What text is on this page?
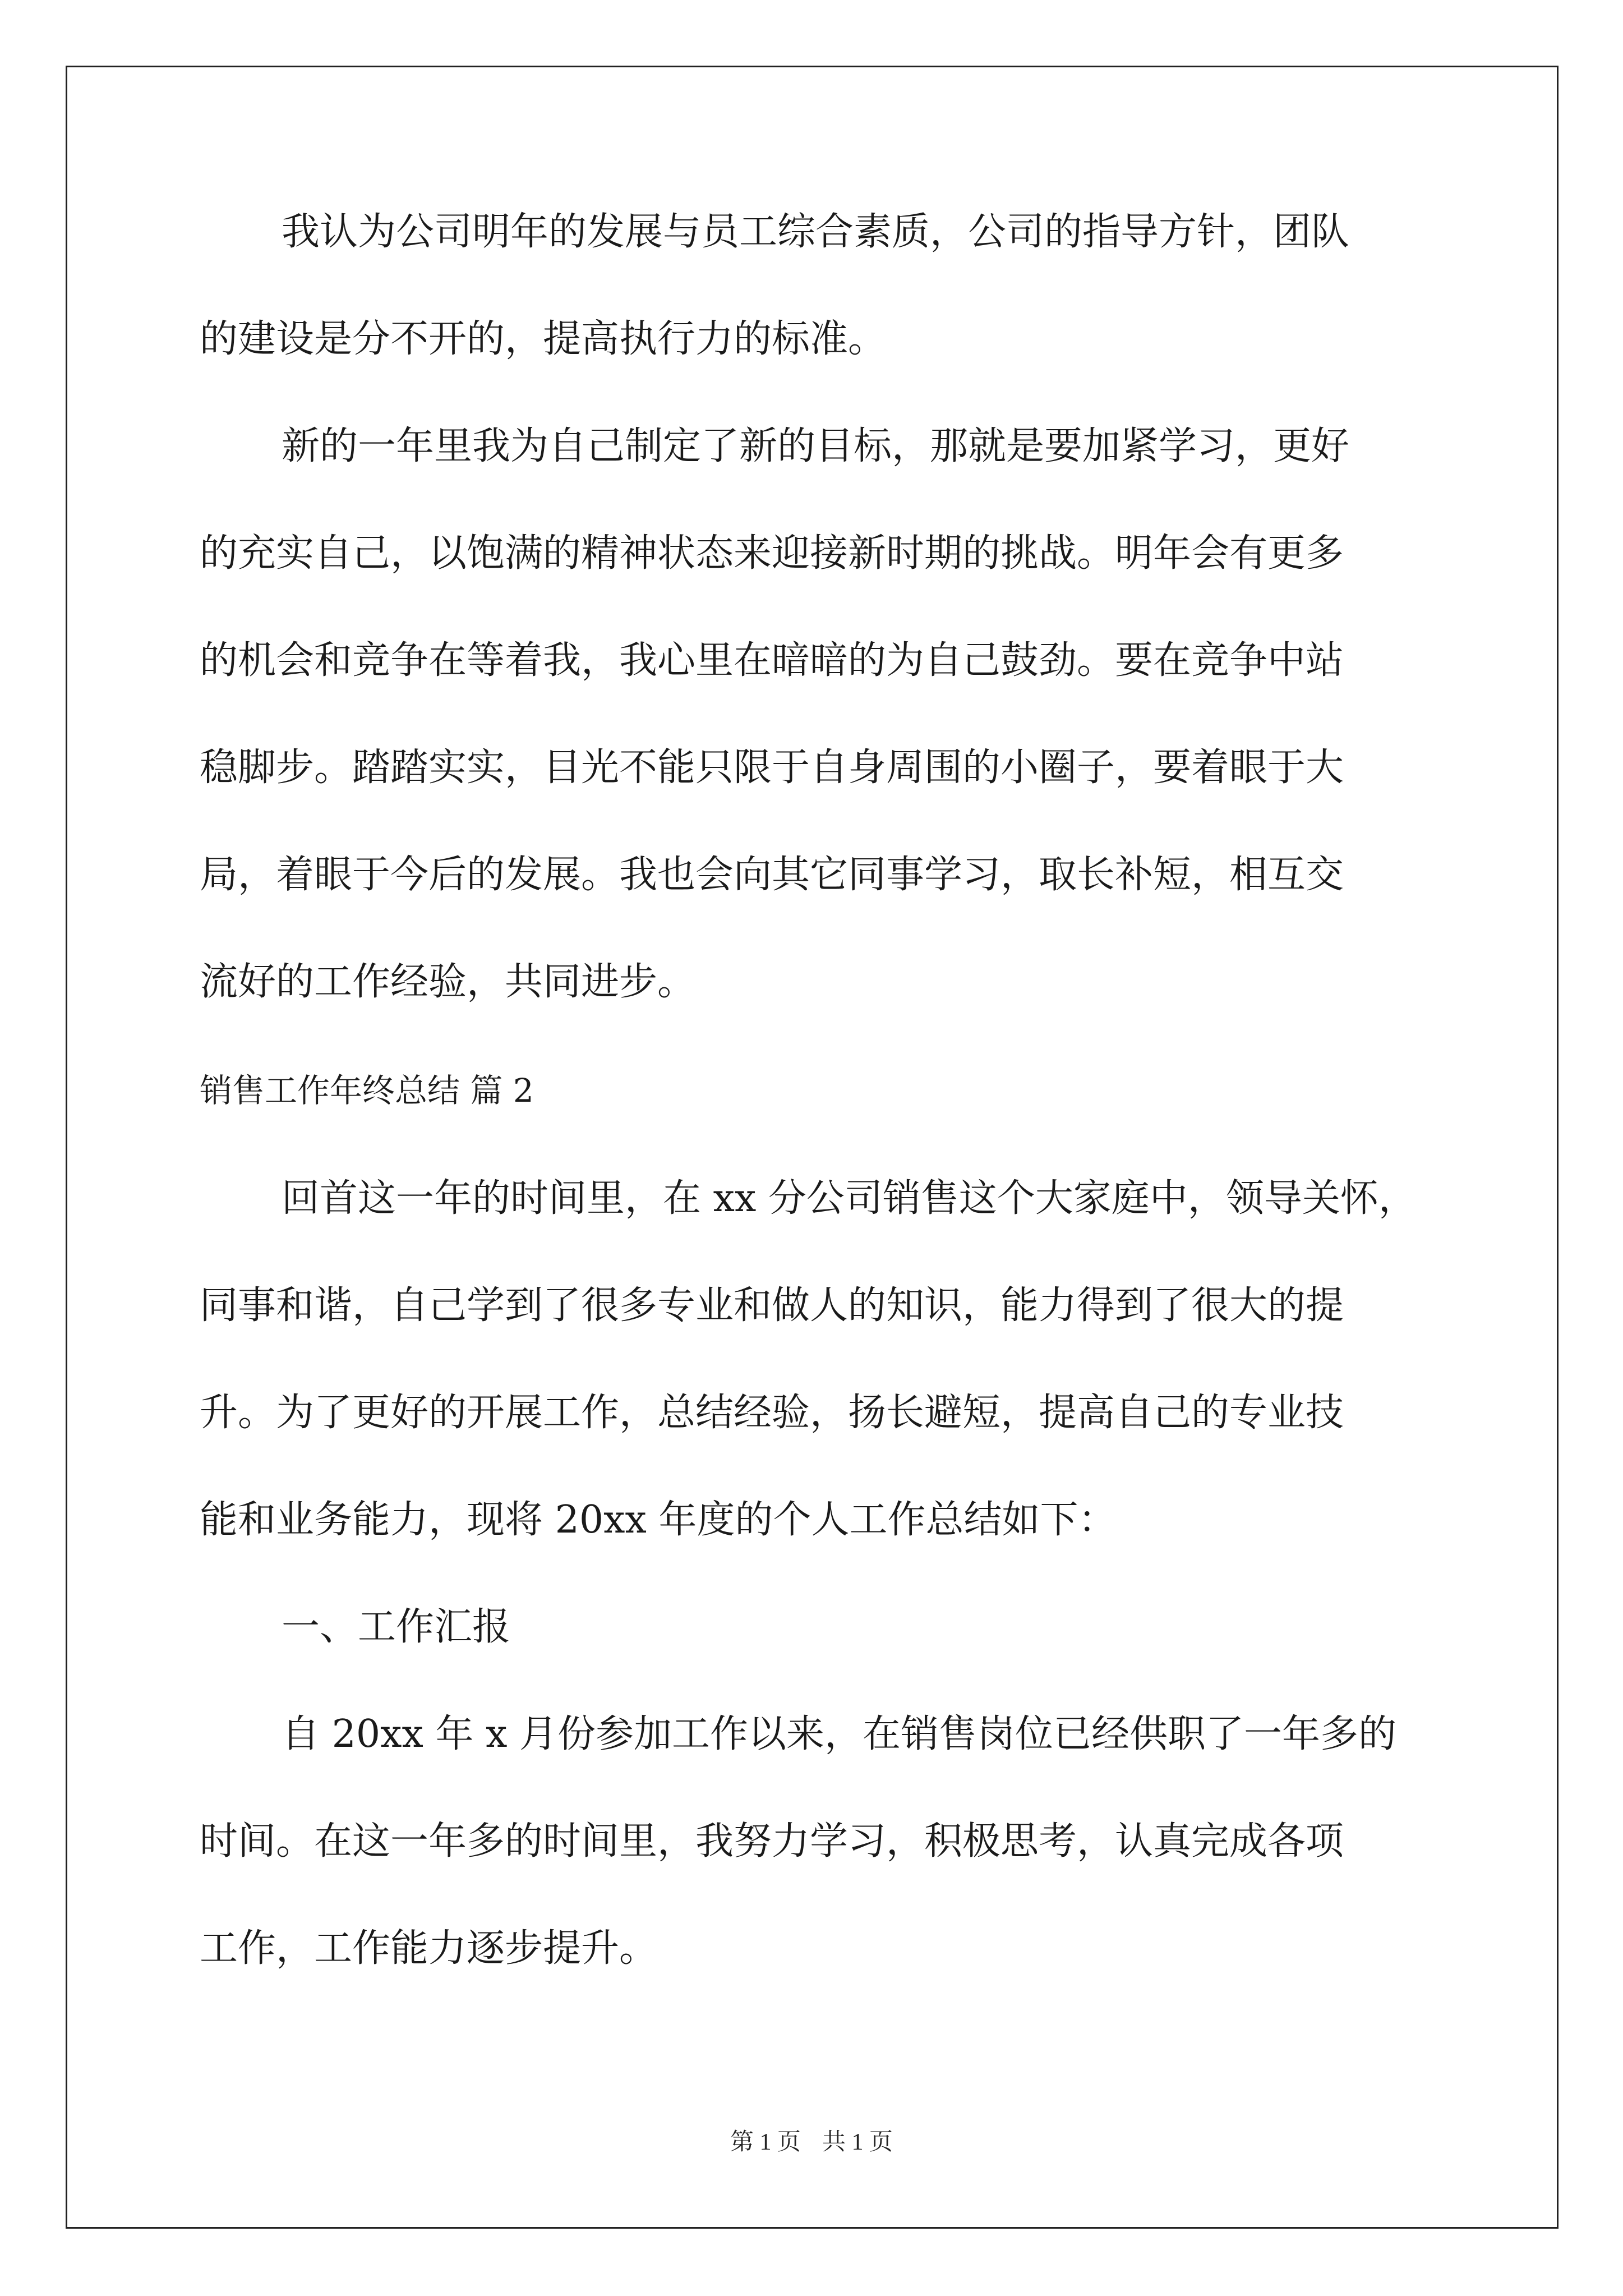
我认为公司明年的发展与员工综合素质，公司的指导方针，团队
的建设是分不开的，提高执行力的标准。
新的一年里我为自己制定了新的目标，那就是要加紧学习，更好
的充实自己，以饱满的精神状态来迎接新时期的挑战。明年会有更多
的机会和竞争在等着我，我心里在暗暗的为自己鼓劲。要在竞争中站
稳脚步。踏踏实实，目光不能只限于自身周围的小圈子，要着眼于大
局，着眼于今后的发展。我也会向其它同事学习，取长补短，相互交
流好的工作经验，共同进步。
销售工作年终总结 篇 2
回首这一年的时间里，在 xx 分公司销售这个大家庭中，领导关怀，
同事和谐，自己学到了很多专业和做人的知识，能力得到了很大的提
升。为了更好的开展工作，总结经验，扬长避短，提高自己的专业技
能和业务能力，现将 20xx 年度的个人工作总结如下：
一、工作汇报
自 20xx 年 x 月份参加工作以来，在销售岗位已经供职了一年多的
时间。在这一年多的时间里，我努力学习，积极思考，认真完成各项
工作，工作能力逐步提升。
第 1 页 共 1 页
